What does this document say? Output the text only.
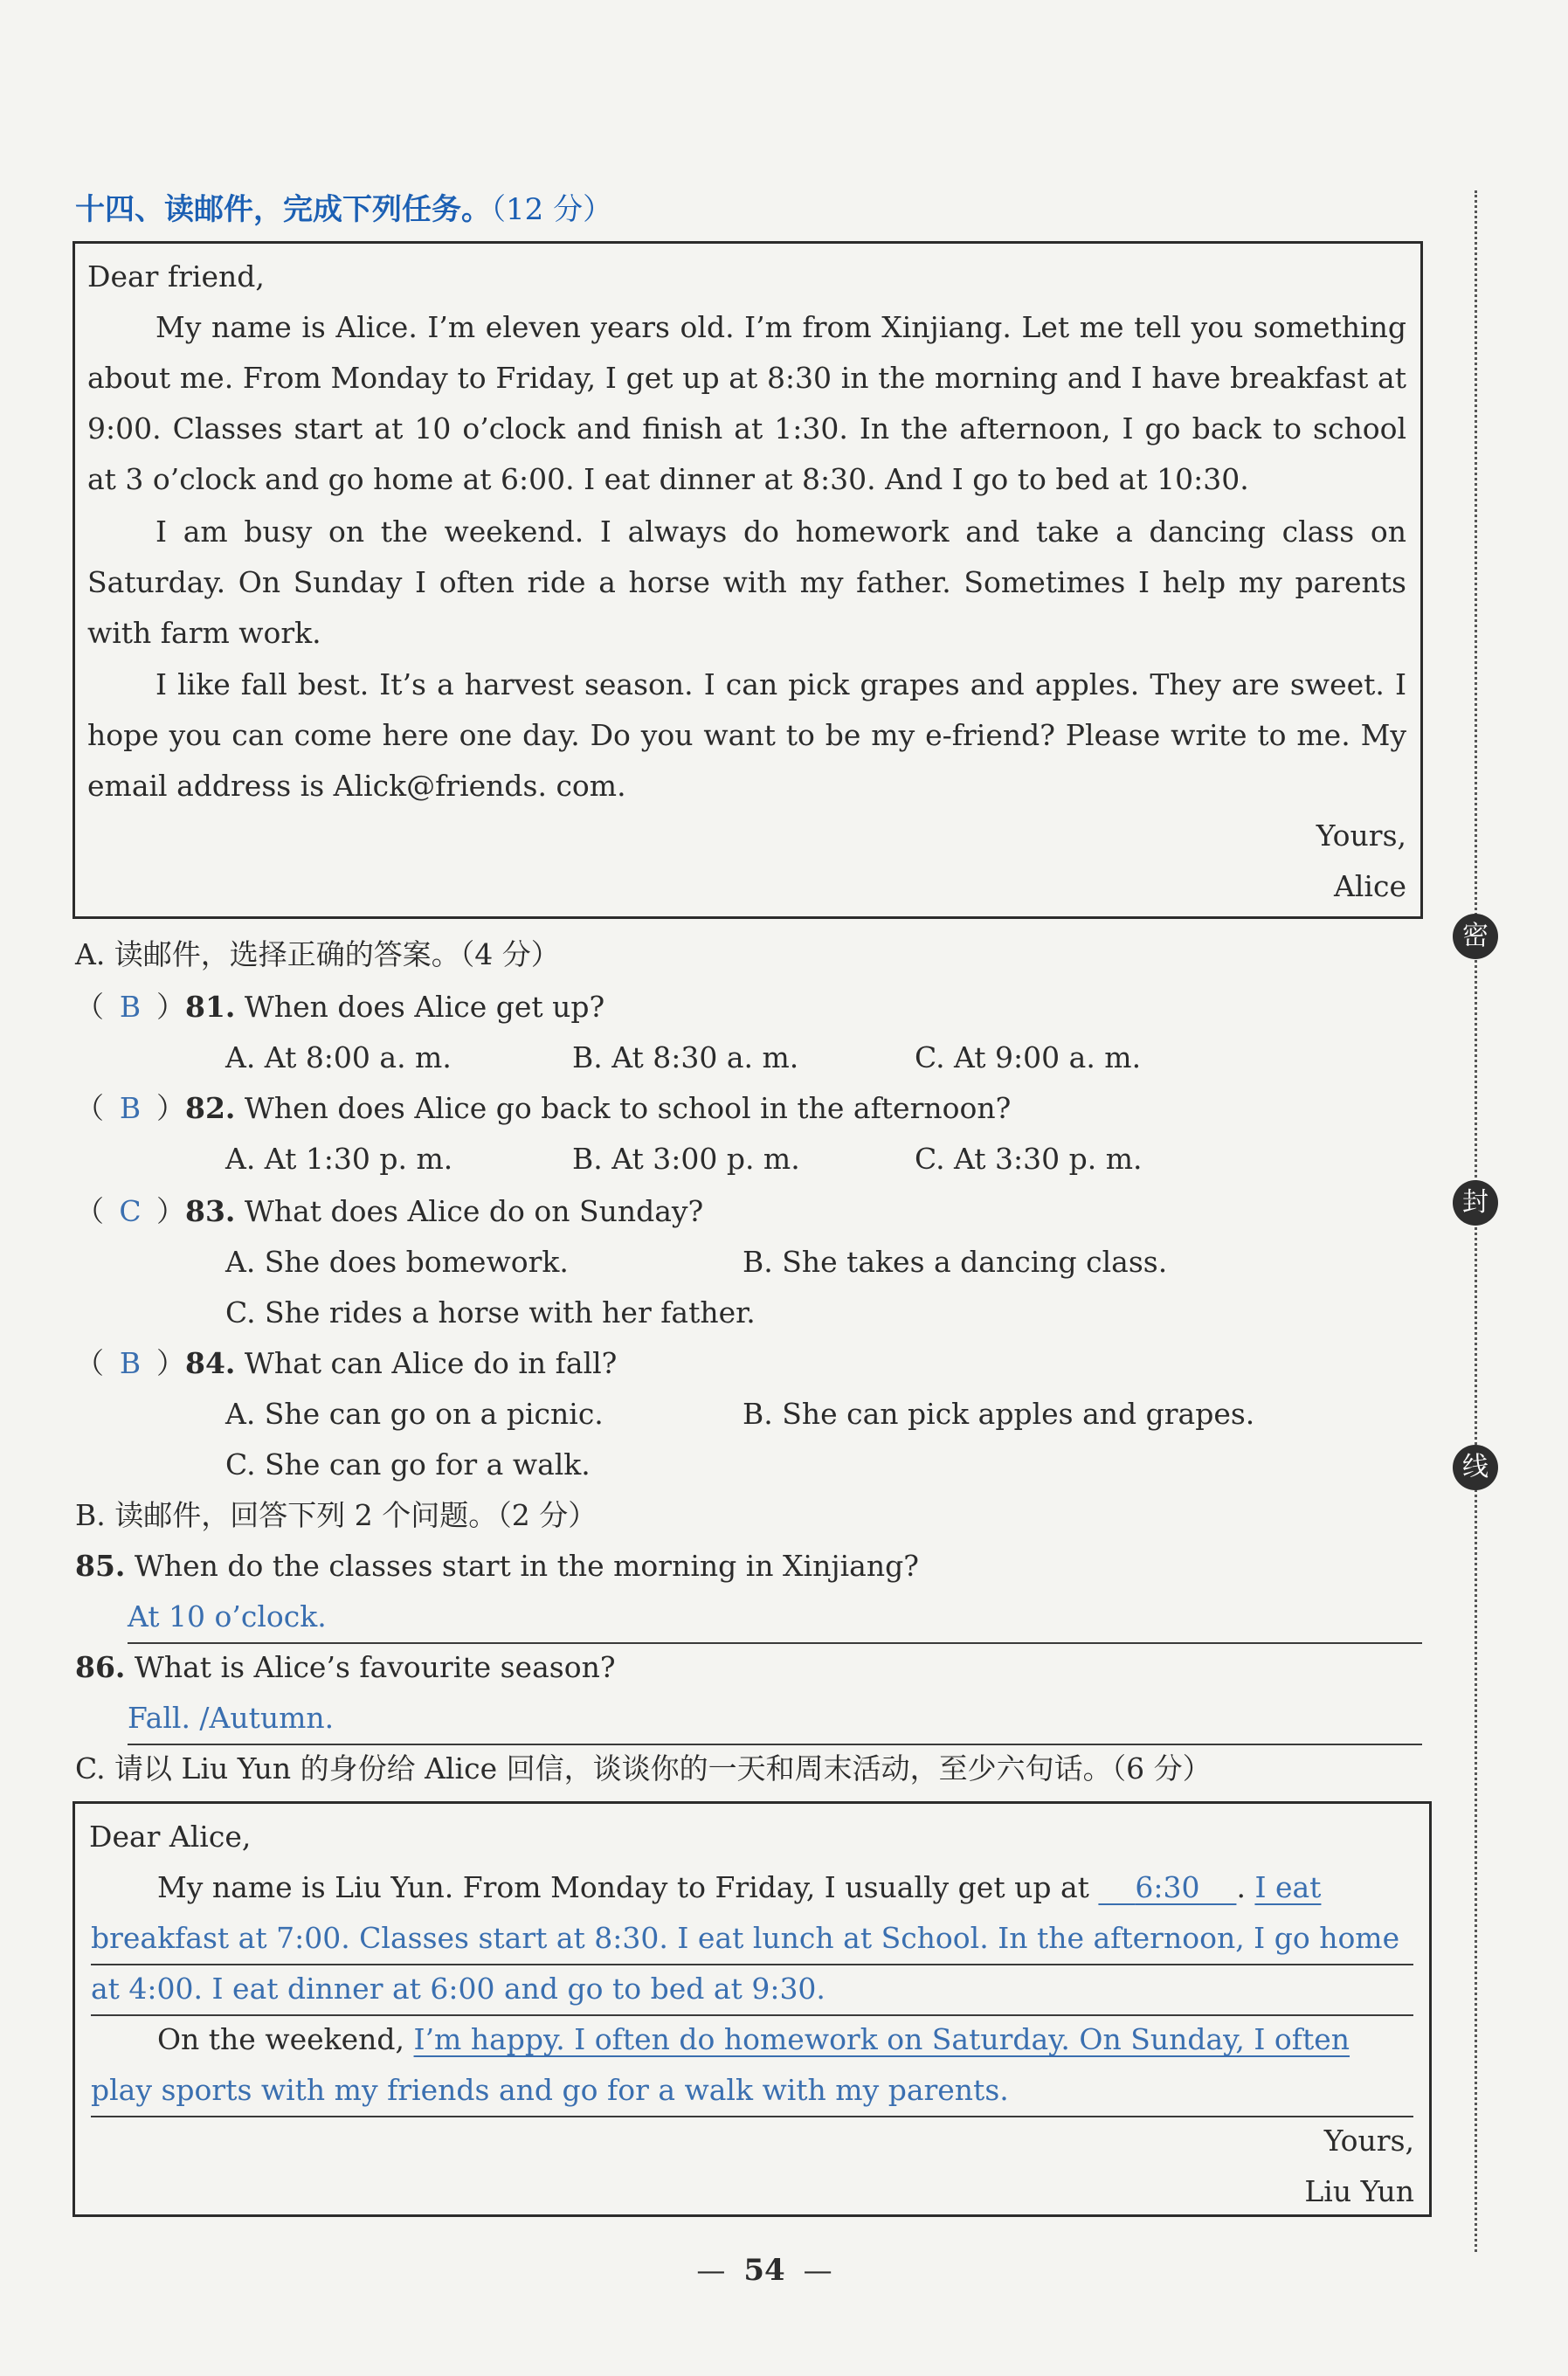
十四、读邮件，完成下列任务。（12 分）
Dear friend,
My name is Alice. I’m eleven years old. I’m from Xinjiang. Let me tell you something about me. From Monday to Friday, I get up at 8:30 in the morning and I have breakfast at 9:00. Classes start at 10 o’clock and finish at 1:30. In the afternoon, I go back to school at 3 o’clock and go home at 6:00. I eat dinner at 8:30. And I go to bed at 10:30.
I am busy on the weekend. I always do homework and take a dancing class on Saturday. On Sunday I often ride a horse with my father. Sometimes I help my parents with farm work.
I like fall best. It’s a harvest season. I can pick grapes and apples. They are sweet. I hope you can come here one day. Do you want to be my e-friend? Please write to me. My email address is Alick@friends. com.
Yours,
Alice
A. 读邮件，选择正确的答案。（4 分）
（ B ）81. When does Alice get up?
A. At 8:00 a. m.	B. At 8:30 a. m.	C. At 9:00 a. m.
（ B ）82. When does Alice go back to school in the afternoon?
A. At 1:30 p. m.	B. At 3:00 p. m.	C. At 3:30 p. m.
（ C ）83. What does Alice do on Sunday?
A. She does bomework.	B. She takes a dancing class.
C. She rides a horse with her father.
（ B ）84. What can Alice do in fall?
A. She can go on a picnic.	B. She can pick apples and grapes.
C. She can go for a walk.
B. 读邮件，回答下列 2 个问题。（2 分）
85. When do the classes start in the morning in Xinjiang?
At 10 o’clock.
86. What is Alice’s favourite season?
Fall. /Autumn.
C. 请以 Liu Yun 的身份给 Alice 回信，谈谈你的一天和周末活动，至少六句话。（6 分）
Dear Alice,
My name is Liu Yun. From Monday to Friday, I usually get up at 6:30 . I eat
breakfast at 7:00. Classes start at 8:30. I eat lunch at School. In the afternoon, I go home
at 4:00. I eat dinner at 6:00 and go to bed at 9:30.
On the weekend, I’m happy. I often do homework on Saturday. On Sunday, I often
play sports with my friends and go for a walk with my parents.
Yours,
Liu Yun
密
封
线
— 54 —
